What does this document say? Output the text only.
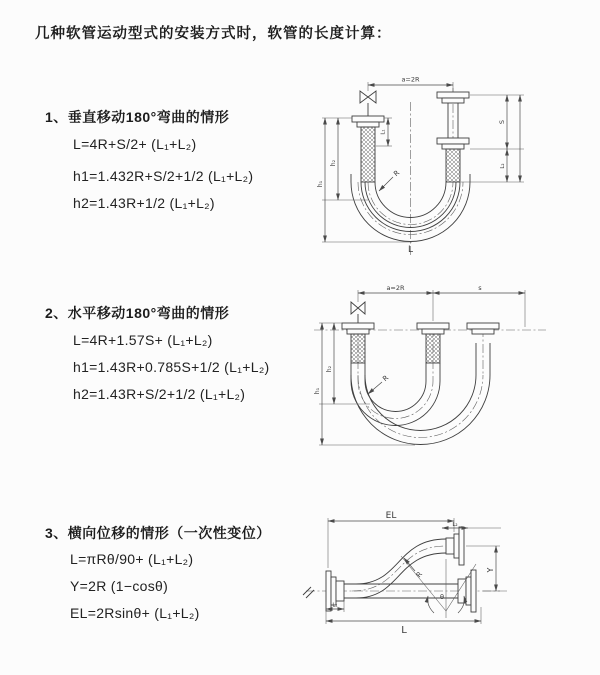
几种软管运动型式的安装方式时，软管的长度计算：
1、垂直移动180°弯曲的情形
L=4R+S/2+ (L₁+L₂)
h1=1.432R+S/2+1/2 (L₁+L₂)
h2=1.43R+1/2 (L₁+L₂)
2、水平移动180°弯曲的情形
L=4R+1.57S+ (L₁+L₂)
h1=1.43R+0.785S+1/2 (L₁+L₂)
h2=1.43R+S/2+1/2 (L₁+L₂)
3、横向位移的情形（一次性变位）
L=πRθ/90+ (L₁+L₂)
Y=2R (1−cosθ)
EL=2Rsinθ+ (L₁+L₂)
a=2R
L₁
S
L₂
h₁
h₂
R
L
a=2R	s
h₁
h₂
R
θ
R
EL
L₂
Y
L₁
L
